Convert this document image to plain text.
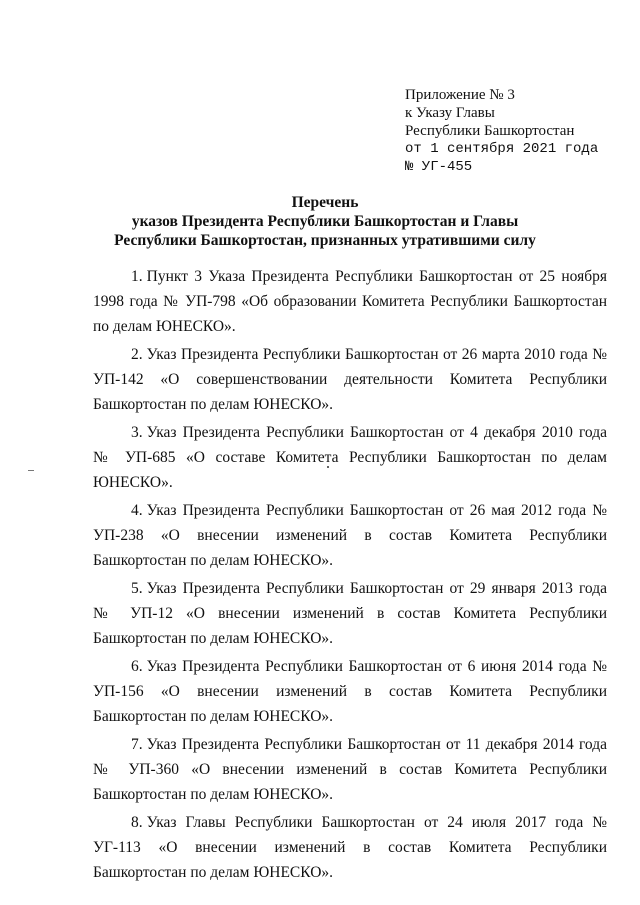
Приложение № 3
к Указу Главы
Республики Башкортостан
от 1 сентября 2021 года
№ УГ-455
Перечень
указов Президента Республики Башкортостан и Главы
Республики Башкортостан, признанных утратившими силу

1. Пункт 3 Указа Президента Республики Башкортостан от 25 ноября 1998 года № УП-798 «Об образовании Комитета Республики Башкортостан по делам ЮНЕСКО».

2. Указ Президента Республики Башкортостан от 26 марта 2010 года № УП-142 «О совершенствовании деятельности Комитета Республики Башкортостан по делам ЮНЕСКО».

3. Указ Президента Республики Башкортостан от 4 декабря 2010 года № УП-685 «О составе Комитета Республики Башкортостан по делам ЮНЕСКО».

4. Указ Президента Республики Башкортостан от 26 мая 2012 года № УП-238 «О внесении изменений в состав Комитета Республики Башкортостан по делам ЮНЕСКО».

5. Указ Президента Республики Башкортостан от 29 января 2013 года № УП-12 «О внесении изменений в состав Комитета Республики Башкортостан по делам ЮНЕСКО».

6. Указ Президента Республики Башкортостан от 6 июня 2014 года № УП-156 «О внесении изменений в состав Комитета Республики Башкортостан по делам ЮНЕСКО».

7. Указ Президента Республики Башкортостан от 11 декабря 2014 года № УП-360 «О внесении изменений в состав Комитета Республики Башкортостан по делам ЮНЕСКО».

8. Указ Главы Республики Башкортостан от 24 июля 2017 года № УГ-113 «О внесении изменений в состав Комитета Республики Башкортостан по делам ЮНЕСКО».
